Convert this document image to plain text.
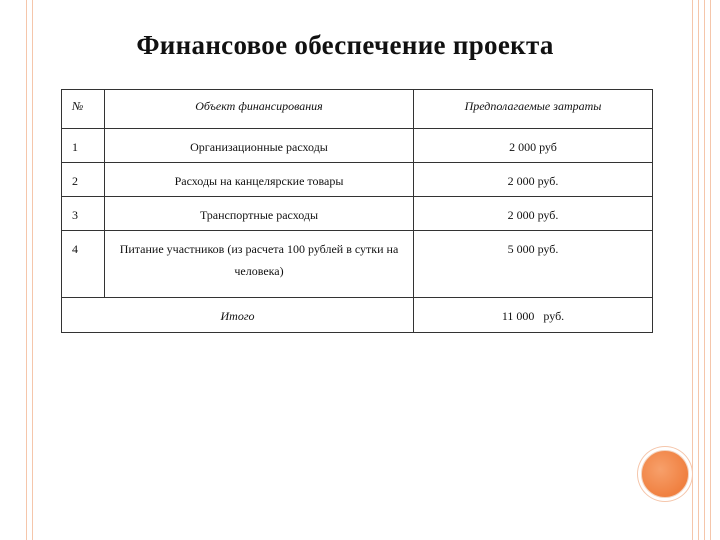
Финансовое обеспечение проекта
№	Объект финансирования	Предполагаемые затраты

1	Организационные расходы	2 000 руб

2	Расходы на канцелярские товары	2 000 руб.

3	Транспортные расходы	2 000 руб.

4	Питание участников (из расчета 100 рублей в сутки на человека)	5 000 руб.

Итого		11 000   руб.
